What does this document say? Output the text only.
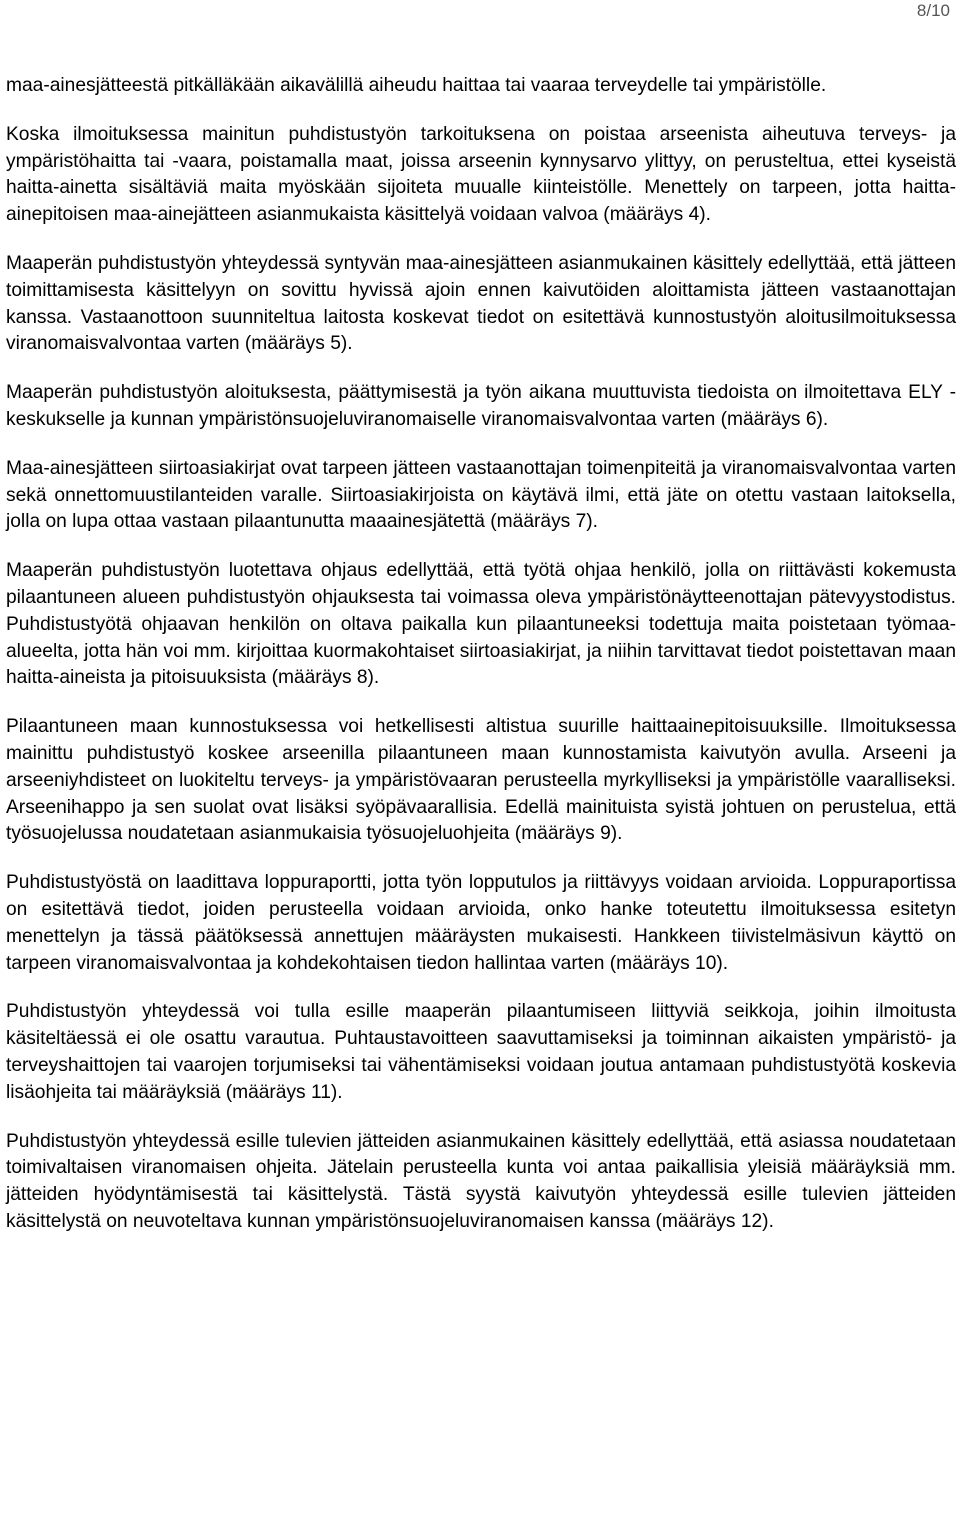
8/10

maa-ainesjätteestä pitkälläkään aikavälillä aiheudu haittaa tai vaaraa terveydelle tai ympäristölle.

Koska ilmoituksessa mainitun puhdistustyön tarkoituksena on poistaa arseenista aiheutuva terveys- ja ympäristöhaitta tai -vaara, poistamalla maat, joissa arseenin kynnysarvo ylittyy, on perusteltua, ettei kyseistä haitta-ainetta sisältäviä maita myöskään sijoiteta muualle kiinteistölle. Menettely on tarpeen, jotta haitta-ainepitoisen maa-ainejätteen asianmukaista käsittelyä voidaan valvoa (määräys 4).

Maaperän puhdistustyön yhteydessä syntyvän maa-ainesjätteen asianmukainen käsittely edellyttää, että jätteen toimittamisesta käsittelyyn on sovittu hyvissä ajoin ennen kaivutöiden aloittamista jätteen vastaanottajan kanssa. Vastaanottoon suunniteltua laitosta koskevat tiedot on esitettävä kunnostustyön aloitusilmoituksessa viranomaisvalvontaa varten (määräys 5).

Maaperän puhdistustyön aloituksesta, päättymisestä ja työn aikana muuttuvista tiedoista on ilmoitettava ELY -keskukselle ja kunnan ympäristönsuojeluviranomaiselle viranomaisvalvontaa varten (määräys 6).

Maa-ainesjätteen siirtoasiakirjat ovat tarpeen jätteen vastaanottajan toimenpiteitä ja viranomaisvalvontaa varten sekä onnettomuustilanteiden varalle. Siirtoasiakirjoista on käytävä ilmi, että jäte on otettu vastaan laitoksella, jolla on lupa ottaa vastaan pilaantunutta maaainesjätettä (määräys 7).

Maaperän puhdistustyön luotettava ohjaus edellyttää, että työtä ohjaa henkilö, jolla on riittävästi kokemusta pilaantuneen alueen puhdistustyön ohjauksesta tai voimassa oleva ympäristönäytteenottajan pätevyystodistus. Puhdistustyötä ohjaavan henkilön on oltava paikalla kun pilaantuneeksi todettuja maita poistetaan työmaa-alueelta, jotta hän voi mm. kirjoittaa kuormakohtaiset siirtoasiakirjat, ja niihin tarvittavat tiedot poistettavan maan haitta-aineista ja pitoisuuksista (määräys 8).

Pilaantuneen maan kunnostuksessa voi hetkellisesti altistua suurille haittaainepitoisuuksille. Ilmoituksessa mainittu puhdistustyö koskee arseenilla pilaantuneen maan kunnostamista kaivutyön avulla. Arseeni ja arseeniyhdisteet on luokiteltu terveys- ja ympäristövaaran perusteella myrkylliseksi ja ympäristölle vaaralliseksi. Arseenihappo ja sen suolat ovat lisäksi syöpävaarallisia. Edellä mainituista syistä johtuen on perustelua, että työsuojelussa noudatetaan asianmukaisia työsuojeluohjeita (määräys 9).

Puhdistustyöstä on laadittava loppuraportti, jotta työn lopputulos ja riittävyys voidaan arvioida. Loppuraportissa on esitettävä tiedot, joiden perusteella voidaan arvioida, onko hanke toteutettu ilmoituksessa esitetyn menettelyn ja tässä päätöksessä annettujen määräysten mukaisesti. Hankkeen tiivistelmäsivun käyttö on tarpeen viranomaisvalvontaa ja kohdekohtaisen tiedon hallintaa varten (määräys 10).

Puhdistustyön yhteydessä voi tulla esille maaperän pilaantumiseen liittyviä seikkoja, joihin ilmoitusta käsiteltäessä ei ole osattu varautua. Puhtaustavoitteen saavuttamiseksi ja toiminnan aikaisten ympäristö- ja terveyshaittojen tai vaarojen torjumiseksi tai vähentämiseksi voidaan joutua antamaan puhdistustyötä koskevia lisäohjeita tai määräyksiä (määräys 11).

Puhdistustyön yhteydessä esille tulevien jätteiden asianmukainen käsittely edellyttää, että asiassa noudatetaan toimivaltaisen viranomaisen ohjeita. Jätelain perusteella kunta voi antaa paikallisia yleisiä määräyksiä mm. jätteiden hyödyntämisestä tai käsittelystä. Tästä syystä kaivutyön yhteydessä esille tulevien jätteiden käsittelystä on neuvoteltava kunnan ympäristönsuojeluviranomaisen kanssa (määräys 12).
